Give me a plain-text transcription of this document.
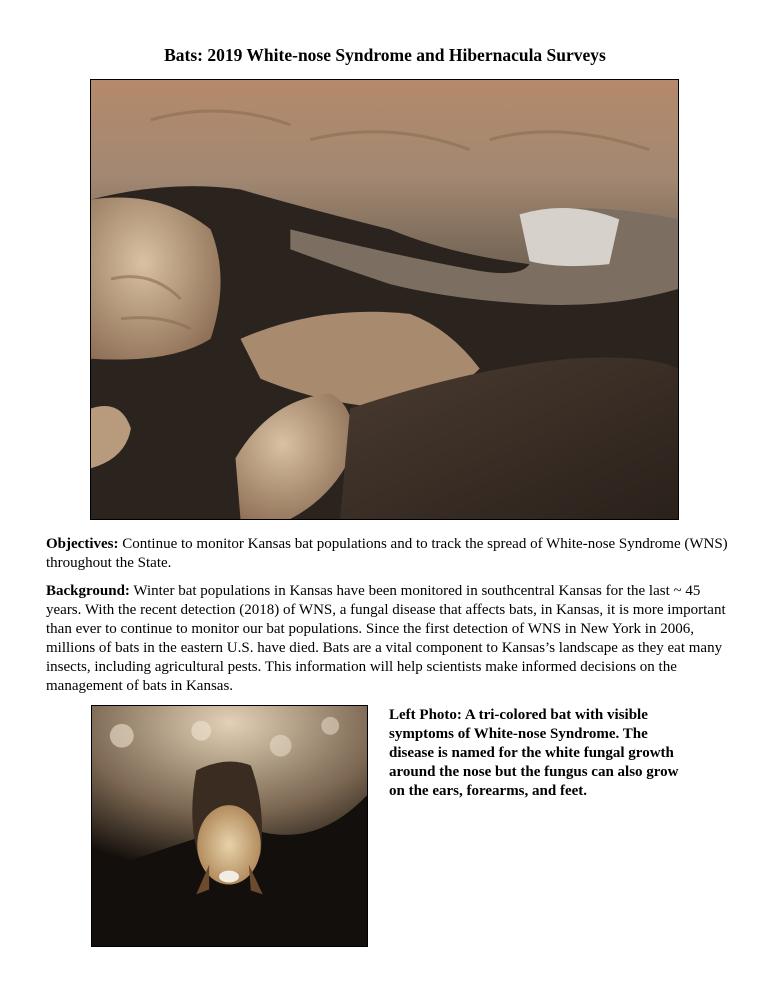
Bats: 2019 White-nose Syndrome and Hibernacula Surveys

Objectives: Continue to monitor Kansas bat populations and to track the spread of White-nose Syndrome (WNS) throughout the State.

Background: Winter bat populations in Kansas have been monitored in southcentral Kansas for the last ~ 45 years. With the recent detection (2018) of WNS, a fungal disease that affects bats, in Kansas, it is more important than ever to continue to monitor our bat populations. Since the first detection of WNS in New York in 2006, millions of bats in the eastern U.S. have died. Bats are a vital component to Kansas’s landscape as they eat many insects, including agricultural pests. This information will help scientists make informed decisions on the management of bats in Kansas.

Left Photo: A tri-colored bat with visible symptoms of White-nose Syndrome. The disease is named for the white fungal growth around the nose but the fungus can also grow on the ears, forearms, and feet.
